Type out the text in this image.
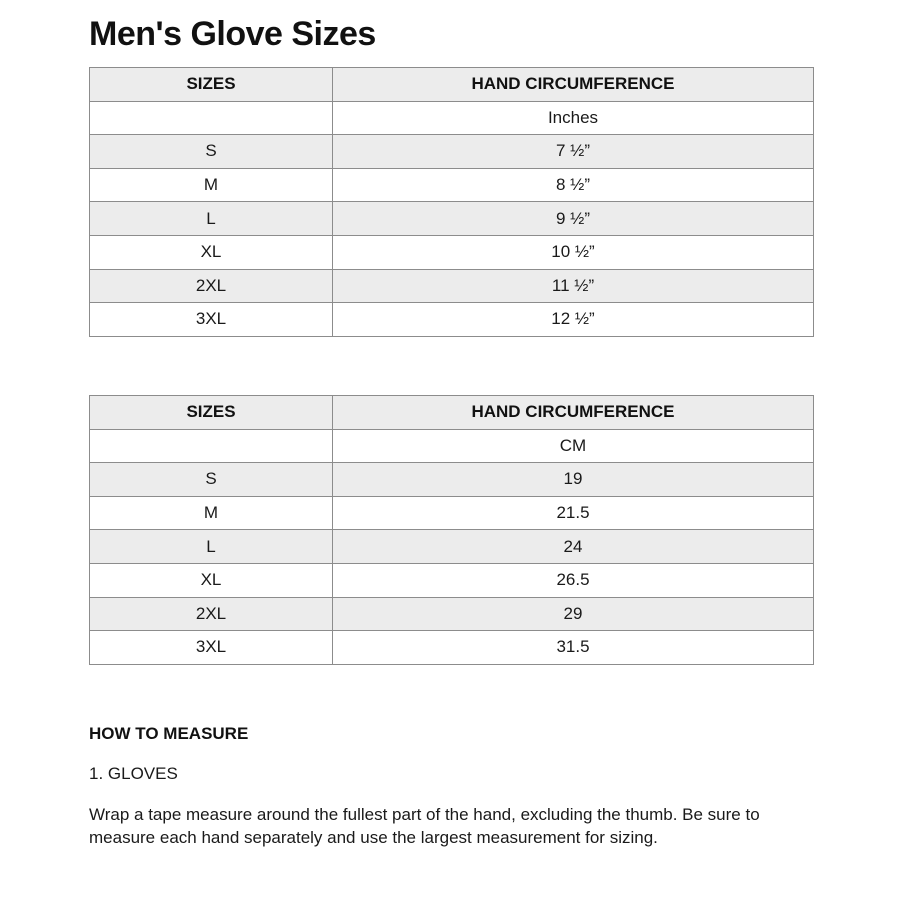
Men's Glove Sizes
SIZES	HAND CIRCUMFERENCE
	Inches
S	7 ½”
M	8 ½”
L	9 ½”
XL	10 ½”
2XL	11 ½”
3XL	12 ½”
SIZES	HAND CIRCUMFERENCE
	CM
S	19
M	21.5
L	24
XL	26.5
2XL	29
3XL	31.5
HOW TO MEASURE

1. GLOVES

Wrap a tape measure around the fullest part of the hand, excluding the thumb. Be sure to measure each hand separately and use the largest measurement for sizing.
